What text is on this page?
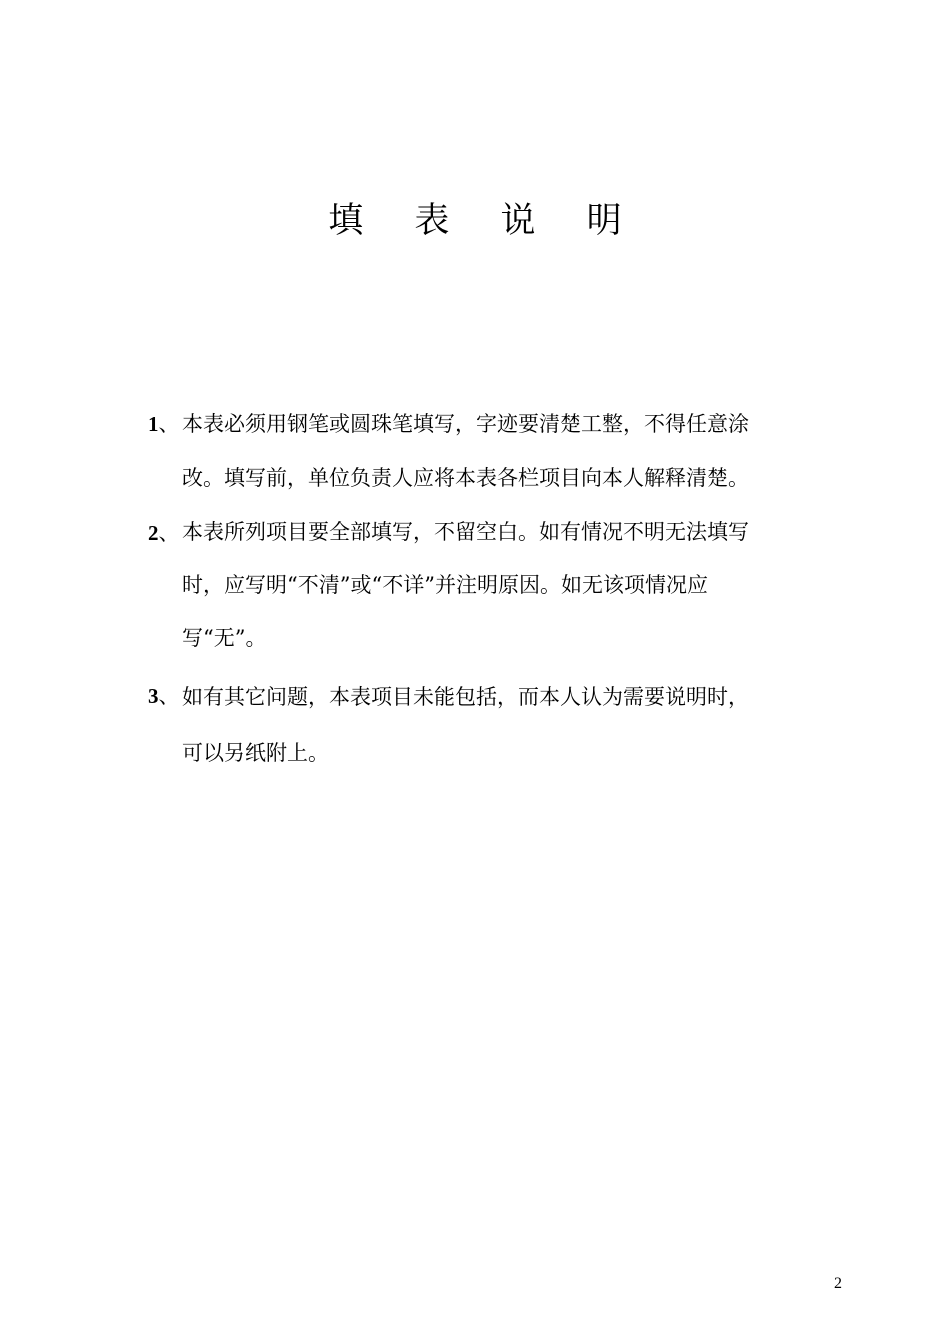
填 表 说 明
1、 本表必须用钢笔或圆珠笔填写，字迹要清楚工整，不得任意涂
改。填写前，单位负责人应将本表各栏项目向本人解释清楚。
2、 本表所列项目要全部填写，不留空白。如有情况不明无法填写
时，应写明“不清”或“不详”并注明原因。如无该项情况应
写“无”。
3、 如有其它问题，本表项目未能包括，而本人认为需要说明时，
可以另纸附上。
2
